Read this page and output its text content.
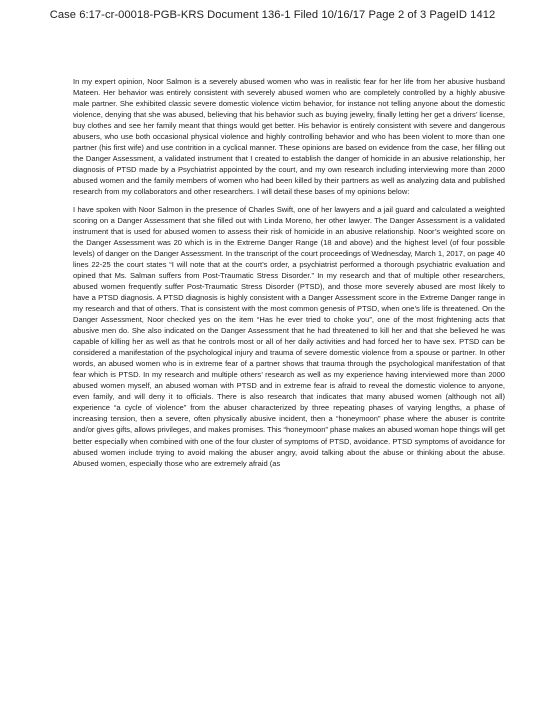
Case 6:17-cr-00018-PGB-KRS Document 136-1 Filed 10/16/17 Page 2 of 3 PageID 1412

In my expert opinion, Noor Salmon is a severely abused women who was in realistic fear for her life from her abusive husband Mateen. Her behavior was entirely consistent with severely abused women who are completely controlled by a highly abusive male partner. She exhibited classic severe domestic violence victim behavior, for instance not telling anyone about the domestic violence, denying that she was abused, believing that his behavior such as buying jewelry, finally letting her get a drivers’ license, buy clothes and see her family meant that things would get better. His behavior is entirely consistent with severe and dangerous abusers, who use both occasional physical violence and highly controlling behavior and who has been violent to more than one partner (his first wife) and use contrition in a cyclical manner. These opinions are based on evidence from the case, her filling out the Danger Assessment, a validated instrument that I created to establish the danger of homicide in an abusive relationship, her diagnosis of PTSD made by a Psychiatrist appointed by the court, and my own research including interviewing more than 2000 abused women and the family members of women who had been killed by their partners as well as analyzing data and published research from my collaborators and other researchers. I will detail these bases of my opinions below:

I have spoken with Noor Salmon in the presence of Charles Swift, one of her lawyers and a jail guard and calculated a weighted scoring on a Danger Assessment that she filled out with Linda Moreno, her other lawyer. The Danger Assessment is a validated instrument that is used for abused women to assess their risk of homicide in an abusive relationship. Noor’s weighted score on the Danger Assessment was 20 which is in the Extreme Danger Range (18 and above) and the highest level (of four possible levels) of danger on the Danger Assessment. In the transcript of the court proceedings of Wednesday, March 1, 2017, on page 40 lines 22-25 the court states “I will note that at the court’s order, a psychiatrist performed a thorough psychiatric evaluation and opined that Ms. Salman suffers from Post-Traumatic Stress Disorder.” In my research and that of multiple other researchers, abused women frequently suffer Post-Traumatic Stress Disorder (PTSD), and those more severely abused are most likely to have a PTSD diagnosis. A PTSD diagnosis is highly consistent with a Danger Assessment score in the Extreme Danger range in my research and that of others. That is consistent with the most common genesis of PTSD, when one’s life is threatened. On the Danger Assessment, Noor checked yes on the item “Has he ever tried to choke you”, one of the most frightening acts that abusive men do. She also indicated on the Danger Assessment that he had threatened to kill her and that she believed he was capable of killing her as well as that he controls most or all of her daily activities and had forced her to have sex. PTSD can be considered a manifestation of the psychological injury and trauma of severe domestic violence from a spouse or partner. In other words, an abused women who is in extreme fear of a partner shows that trauma through the psychological manifestation of that fear which is PTSD. In my research and multiple others’ research as well as my experience having interviewed more than 2000 abused women myself, an abused woman with PTSD and in extreme fear is afraid to reveal the domestic violence to anyone, even family, and will deny it to officials. There is also research that indicates that many abused women (although not all) experience “a cycle of violence” from the abuser characterized by three repeating phases of varying lengths, a phase of increasing tension, then a severe, often physically abusive incident, then a “honeymoon” phase where the abuser is contrite and/or gives gifts, allows privileges, and makes promises. This “honeymoon” phase makes an abused woman hope things will get better especially when combined with one of the four cluster of symptoms of PTSD, avoidance. PTSD symptoms of avoidance for abused women include trying to avoid making the abuser angry, avoid talking about the abuse or thinking about the abuse. Abused women, especially those who are extremely afraid (as
